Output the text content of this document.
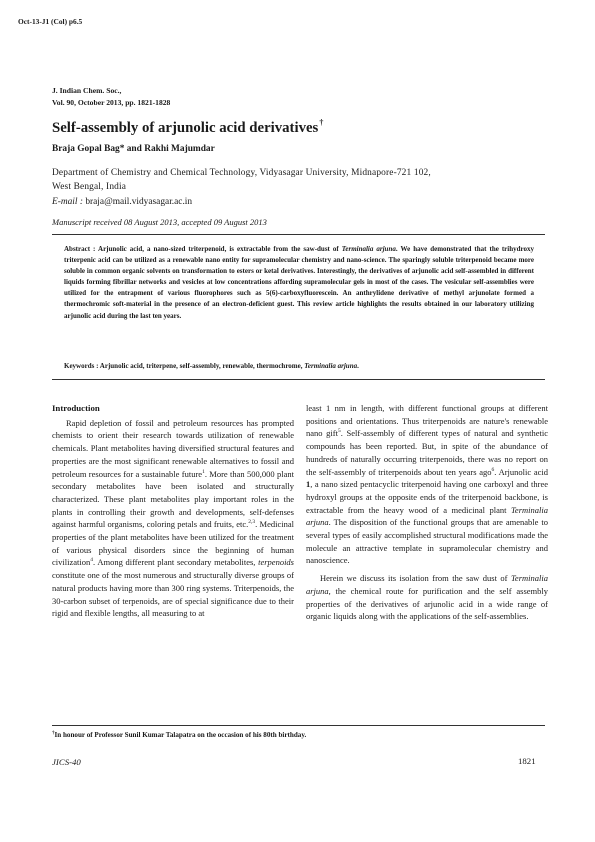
Oct-13-J1 (Col) p6.5
J. Indian Chem. Soc.,
Vol. 90, October 2013, pp. 1821-1828
Self-assembly of arjunolic acid derivatives†
Braja Gopal Bag* and Rakhi Majumdar
Department of Chemistry and Chemical Technology, Vidyasagar University, Midnapore-721 102,
West Bengal, India
E-mail : braja@mail.vidyasagar.ac.in
Manuscript received 08 August 2013, accepted 09 August 2013
Abstract : Arjunolic acid, a nano-sized triterpenoid, is extractable from the saw-dust of Terminalia arjuna. We have demonstrated that the trihydroxy triterpenic acid can be utilized as a renewable nano entity for supramolecular chemistry and nano-science. The sparingly soluble triterpenoid became more soluble in common organic solvents on transformation to esters or ketal derivatives. Interestingly, the derivatives of arjunolic acid self-assembled in different liquids forming fibrillar networks and vesicles at low concentrations affording supramolecular gels in most of the cases. The vesicular self-assemblies were utilized for the entrapment of various fluorophores such as 5(6)-carboxyfluorescein. An anthrylidene derivative of methyl arjunolate formed a thermochromic soft-material in the presence of an electron-deficient guest. This review article highlights the results obtained in our laboratory utilizing arjunolic acid during the last ten years.
Keywords : Arjunolic acid, triterpene, self-assembly, renewable, thermochrome, Terminalia arjuna.

Introduction

Rapid depletion of fossil and petroleum resources has prompted chemists to orient their research towards utilization of renewable chemicals. Plant metabolites having diversified structural features and properties are the most significant renewable alternatives to fossil and petroleum resources for a sustainable future$^1$. More than 500,000 plant secondary metabolites have been isolated and structurally characterized. These plant metabolites play important roles in the plants in controlling their growth and developments, self-defenses against harmful organisms, coloring petals and fruits, etc.$^{2,3}$. Medicinal properties of the plant metabolites have been utilized for the treatment of various physical disorders since the beginning of human civilization$^4$. Among different plant secondary metabolites, terpenoids constitute one of the most numerous and structurally diverse groups of natural products having more than 300 ring systems. Triterpenoids, the 30-carbon subset of terpenoids, are of special significance due to their rigid and flexible lengths, all measuring to at

least 1 nm in length, with different functional groups at different positions and orientations. Thus triterpenoids are nature's renewable nano gift$^5$. Self-assembly of different types of natural and synthetic compounds has been reported. But, in spite of the abundance of hundreds of naturally occurring triterpenoids, there was no report on the self-assembly of triterpenoids about ten years ago$^6$. Arjunolic acid 1, a nano sized pentacyclic triterpenoid having one carboxyl and three hydroxyl groups at the opposite ends of the triterpenoid backbone, is extractable from the heavy wood of a medicinal plant Terminalia arjuna. The disposition of the functional groups that are amenable to several types of easily accomplished structural modifications made the molecule an attractive template in supramolecular chemistry and nanoscience.

Herein we discuss its isolation from the saw dust of Terminalia arjuna, the chemical route for purification and the self assembly properties of the derivatives of arjunolic acid in a wide range of organic liquids along with the applications of the self-assemblies.

†In honour of Professor Sunil Kumar Talapatra on the occasion of his 80th birthday.
JICS-40	1821
